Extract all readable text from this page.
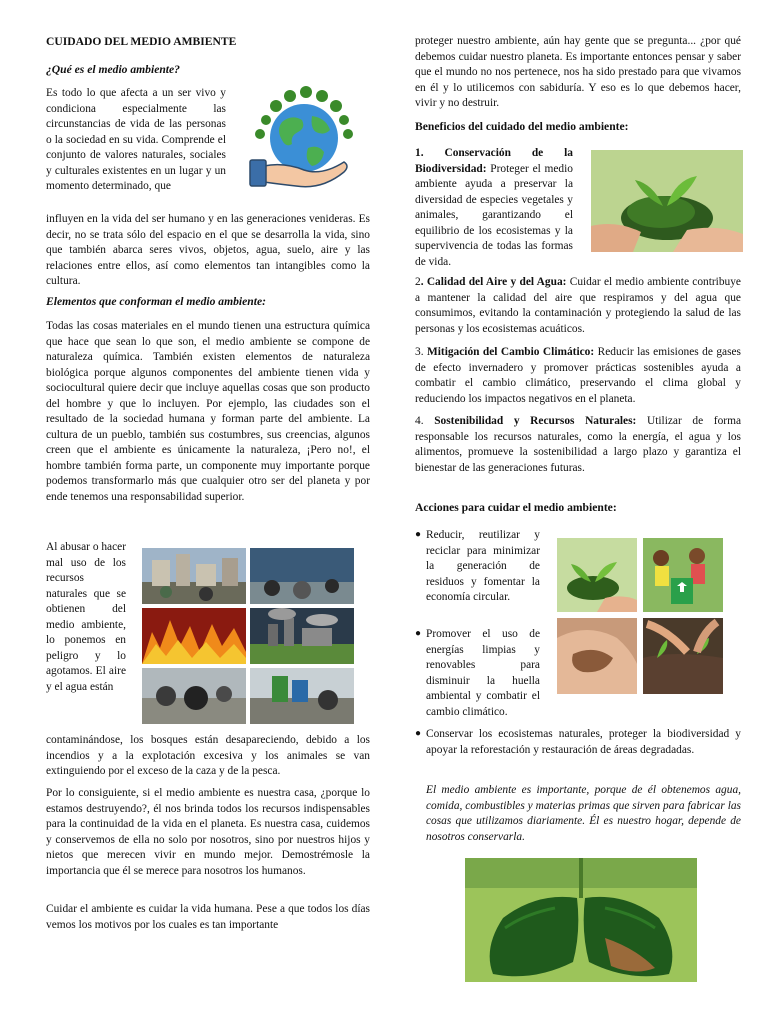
CUIDADO DEL MEDIO AMBIENTE
¿Qué es el medio ambiente?

Es todo lo que afecta a un ser vivo y condiciona especialmente las circunstancias de vida de las personas o la sociedad en su vida. Comprende el conjunto de valores naturales, sociales y culturales existentes en un lugar y un momento determinado, que

influyen en la vida del ser humano y en las generaciones venideras. Es decir, no se trata sólo del espacio en el que se desarrolla la vida, sino que también abarca seres vivos, objetos, agua, suelo, aire y las relaciones entre ellos, así como elementos tan intangibles como la cultura.

Elementos que conforman el medio ambiente:

Todas las cosas materiales en el mundo tienen una estructura química que hace que sean lo que son, el medio ambiente se compone de naturaleza química. También existen elementos de naturaleza biológica porque algunos componentes del ambiente tienen vida y sociocultural quiere decir que incluye aquellas cosas que son producto del hombre y que lo incluyen. Por ejemplo, las ciudades son el resultado de la sociedad humana y forman parte del ambiente. La cultura de un pueblo, también sus costumbres, sus creencias, algunos creen que el ambiente es únicamente la naturaleza, ¡Pero no!, el hombre también forma parte, un componente muy importante porque podemos transformarlo más que cualquier otro ser del planeta y por ende tenemos una responsabilidad superior.

Al abusar o hacer mal uso de los recursos naturales que se obtienen del medio ambiente, lo ponemos en peligro y lo agotamos. El aire y el agua están

contaminándose, los bosques están desapareciendo, debido a los incendios y a la explotación excesiva y los animales se van extinguiendo por el exceso de la caza y de la pesca.

Por lo consiguiente, si el medio ambiente es nuestra casa, ¿porque lo estamos destruyendo?, él nos brinda todos los recursos indispensables para la continuidad de la vida en el planeta. Es nuestra casa, cuidemos y conservemos de ella no solo por nosotros, sino por nuestros hijos y nietos que merecen vivir en mundo mejor. Demostrémosle la importancia que él se merece para nosotros los humanos.

Cuidar el ambiente es cuidar la vida humana. Pese a que todos los días vemos los motivos por los cuales es tan importante

proteger nuestro ambiente, aún hay gente que se pregunta... ¿por qué debemos cuidar nuestro planeta. Es importante entonces pensar y saber que el mundo no nos pertenece, nos ha sido prestado para que vivamos en él y lo utilicemos con sabiduría. Y eso es lo que debemos hacer, vivir y no destruir.

Beneficios del cuidado del medio ambiente:

1. Conservación de la Biodiversidad: Proteger el medio ambiente ayuda a preservar la diversidad de especies vegetales y animales, garantizando el equilibrio de los ecosistemas y la supervivencia de todas las formas de vida.

2. Calidad del Aire y del Agua: Cuidar el medio ambiente contribuye a mantener la calidad del aire que respiramos y del agua que consumimos, evitando la contaminación y protegiendo la salud de las personas y los ecosistemas acuáticos.

3. Mitigación del Cambio Climático: Reducir las emisiones de gases de efecto invernadero y promover prácticas sostenibles ayuda a combatir el cambio climático, preservando el clima global y reduciendo los impactos negativos en el planeta.

4. Sostenibilidad y Recursos Naturales: Utilizar de forma responsable los recursos naturales, como la energía, el agua y los alimentos, promueve la sostenibilidad a largo plazo y garantiza el bienestar de las generaciones futuras.

Acciones para cuidar el medio ambiente:
● Reducir, reutilizar y reciclar para minimizar la generación de residuos y fomentar la economía circular.

● Promover el uso de energías limpias y renovables para disminuir la huella ambiental y combatir el cambio climático.

● Conservar los ecosistemas naturales, proteger la biodiversidad y apoyar la reforestación y restauración de áreas degradadas.

El medio ambiente es importante, porque de él obtenemos agua, comida, combustibles y materias primas que sirven para fabricar las cosas que utilizamos diariamente. Él es nuestro hogar, depende de nosotros conservarla.
